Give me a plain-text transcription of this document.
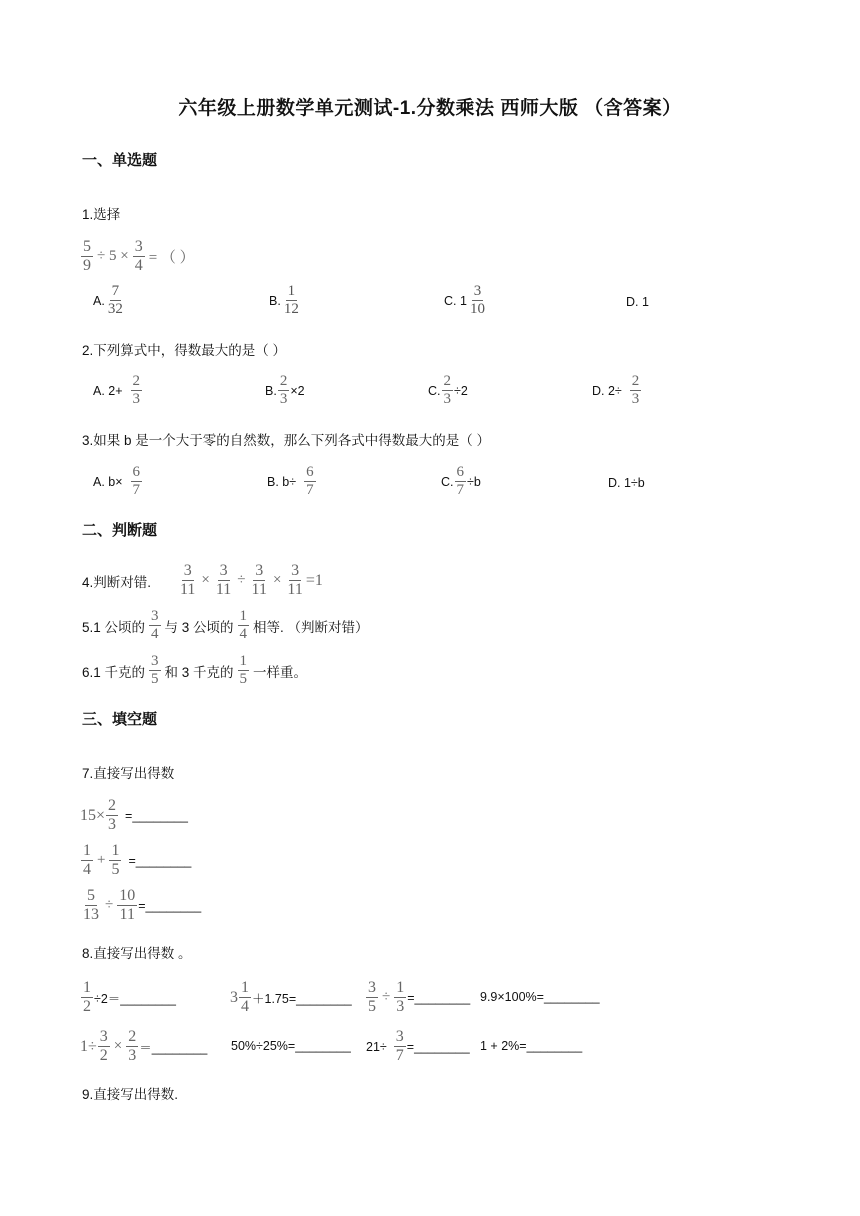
六年级上册数学单元测试-1.分数乘法 西师大版 （含答案）
一、单选题
1.选择
$\frac{5}{9} \div 5 \times \frac{3}{4}$ = （ ）
A. $\frac{7}{32}$	B. $\frac{1}{12}$	C. $1 \frac{3}{10}$	D. 1
2.下列算式中，得数最大的是（ ）
A. $2+ \frac{2}{3}$	B. $\frac{2}{3} \times 2$	C. $\frac{2}{3} \div 2$	D. $2\div \frac{2}{3}$
3.如果 b 是一个大于零的自然数，那么下列各式中得数最大的是（ ）
A. $b\times \frac{6}{7}$	B. $b\div \frac{6}{7}$	C. $\frac{6}{7} \div b$	D. 1÷b
二、判断题
4.判断对错. $\frac{3}{11} \times \frac{3}{11} \div \frac{3}{11} \times \frac{3}{11} =1$
5.1 公顷的 $\frac{3}{4}$ 与 3 公顷的 $\frac{1}{4}$ 相等. （判断对错）
6.1 千克的 $\frac{3}{5}$ 和 3 千克的 $\frac{1}{5}$ 一样重。
三、填空题
7.直接写出得数
$15\times \frac{2}{3}$ =________
$\frac{1}{4} + \frac{1}{5}$ =________
$\frac{5}{13} \div \frac{10}{11}$ =________
8.直接写出得数 。
$\frac{1}{2}$ ÷2＝________	$3 \frac{1}{4}$ ＋1.75=________ $\frac{3}{5} \div \frac{1}{3}$ =________ 9.9×100%=________
$1\div \frac{3}{2} \times \frac{2}{3}$ ＝________ 50%÷25%=________ $21\div \frac{3}{7}$ =________ 1 + 2%=________
9.直接写出得数.
